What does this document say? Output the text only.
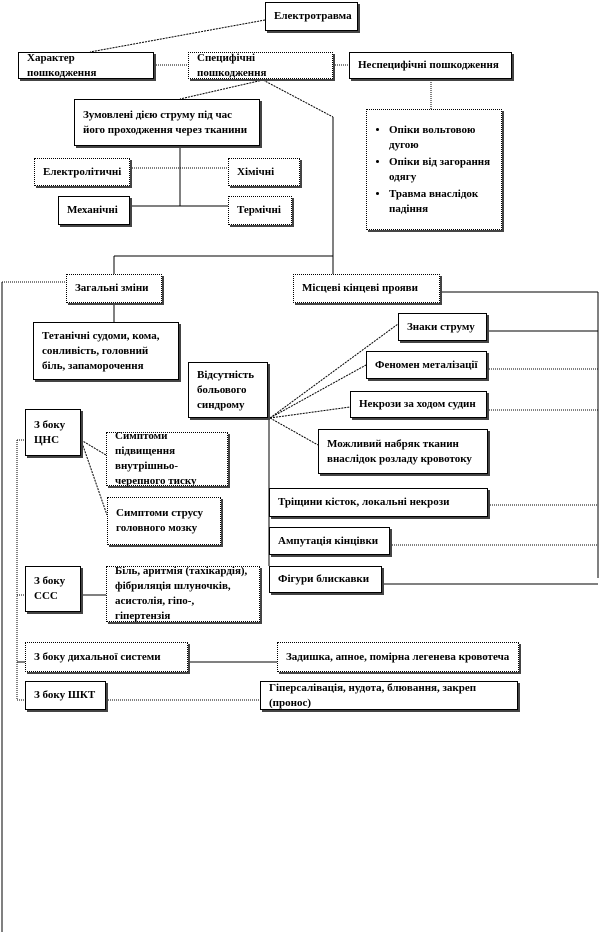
Електротравма
Характер пошкодження
Специфічні пошкодження
Неспецифічні пошкодження
Зумовлені дією струму під час його проходження через тканини
Електролітичні	Хімічні
Механічні	Термічні
• Опіки вольтовою дугою
• Опіки від загорання одягу
• Травма внаслідок падіння
Загальні зміни	Місцеві кінцеві прояви
Тетанічні судоми, кома, сонливість, головний біль, запаморочення
Відсутність больового синдрому
Знаки струму
Феномен металізації
Некрози за ходом судин
Можливий набряк тканин внаслідок розладу кровотоку
Тріщини кісток, локальні некрози
Ампутація кінцівки
Фігури блискавки
З боку ЦНС	Симптоми підвищення внутрішньо-черепного тиску
Симптоми струсу головного мозку
З боку ССС
Біль, аритмія (тахікардія), фібриляція шлуночків, асистолія, гіпо-, гіпертензія
З боку дихальної системи	Задишка, апное, помірна легенева кровотеча
З боку ШКТ
Гіперсалівація, нудота, блювання, закреп (пронос)
